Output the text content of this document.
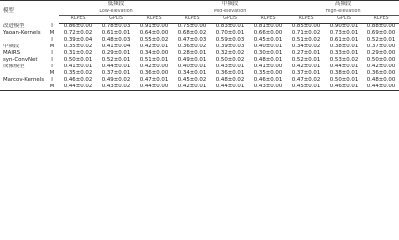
模型		低频段			中频段			高频段		
		Low-elevation			Mid-elevation			High-elevation		
		RLPES	GPLIS	RLPES	RLPES	GPLIS	RLPES	RLPES	GPLIS	RLPES
改进模型	I	0.86±0.00	0.78±0.03	0.91±0.00	0.75±0.00	0.83±0.01	0.81±0.00	0.85±0.00	0.90±0.01	0.88±0.00
Yaoan-Kernels	M	0.72±0.02	0.61±0.01	0.64±0.00	0.68±0.02	0.70±0.01	0.66±0.00	0.71±0.02	0.73±0.01	0.69±0.00
	I	0.39±0.04	0.48±0.03	0.55±0.02	0.47±0.03	0.59±0.03	0.45±0.01	0.51±0.02	0.61±0.01	0.52±0.01
中频段	M	0.35±0.02	0.41±0.04	0.42±0.01	0.36±0.02	0.39±0.03	0.40±0.01	0.34±0.02	0.38±0.01	0.37±0.00
MAIRS	I	0.31±0.02	0.29±0.01	0.34±0.00	0.28±0.01	0.32±0.02	0.30±0.01	0.27±0.01	0.33±0.01	0.29±0.00
syn-ConvNet	I	0.50±0.01	0.52±0.01	0.51±0.01	0.49±0.01	0.50±0.02	0.48±0.01	0.52±0.01	0.53±0.02	0.50±0.00
成像模型	I	0.41±0.01	0.44±0.01	0.42±0.00	0.40±0.01	0.43±0.01	0.41±0.00	0.42±0.01	0.44±0.01	0.42±0.00
	M	0.35±0.02	0.37±0.01	0.36±0.00	0.34±0.01	0.36±0.01	0.35±0.00	0.37±0.01	0.38±0.01	0.36±0.00
Marcov-Kernels	I	0.46±0.02	0.49±0.02	0.47±0.01	0.45±0.02	0.48±0.02	0.46±0.01	0.47±0.02	0.50±0.01	0.48±0.00
	M	0.44±0.02	0.43±0.02	0.44±0.00	0.42±0.01	0.44±0.01	0.43±0.00	0.45±0.01	0.46±0.01	0.44±0.00
